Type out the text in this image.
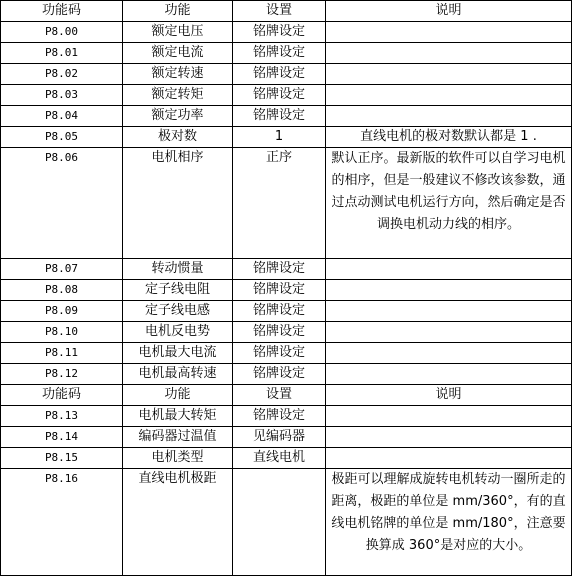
功能码	功能	设置	说明
P8.00	额定电压	铭牌设定	
P8.01	额定电流	铭牌设定	
P8.02	额定转速	铭牌设定	
P8.03	额定转矩	铭牌设定	
P8.04	额定功率	铭牌设定	
P8.05	极对数	1	直线电机的极对数默认都是 1 .
P8.06	电机相序	正序	默认正序。最新版的软件可以自学习电机的相序，但是一般建议不修改该参数，通过点动测试电机运行方向，然后确定是否调换电机动力线的相序。
P8.07	转动惯量	铭牌设定	
P8.08	定子线电阻	铭牌设定	
P8.09	定子线电感	铭牌设定	
P8.10	电机反电势	铭牌设定	
P8.11	电机最大电流	铭牌设定	
P8.12	电机最高转速	铭牌设定	
功能码	功能	设置	说明
P8.13	电机最大转矩	铭牌设定	
P8.14	编码器过温值	见编码器	
P8.15	电机类型	直线电机	
P8.16	直线电机极距		极距可以理解成旋转电机转动一圈所走的距离，极距的单位是 mm/360°，有的直线电机铭牌的单位是 mm/180°，注意要换算成 360°是对应的大小。
